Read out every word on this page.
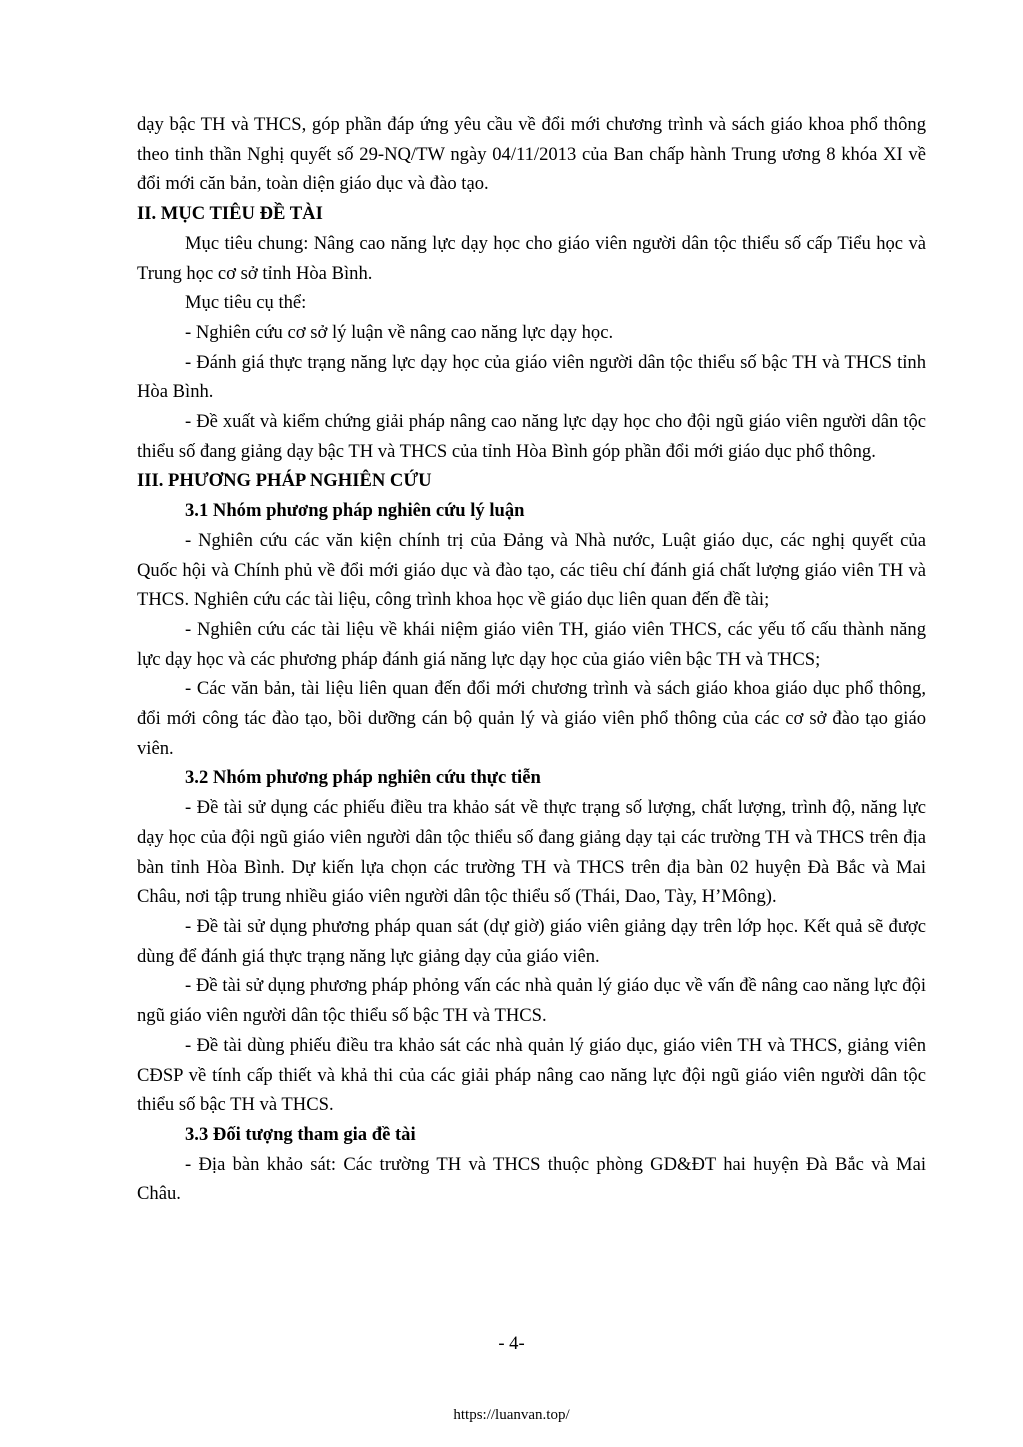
dạy bậc TH và THCS, góp phần đáp ứng yêu cầu về đổi mới chương trình và sách giáo khoa phổ thông theo tinh thần Nghị quyết số 29-NQ/TW ngày 04/11/2013 của Ban chấp hành Trung ương 8 khóa XI về đổi mới căn bản, toàn diện giáo dục và đào tạo.

II. MỤC TIÊU ĐỀ TÀI

Mục tiêu chung: Nâng cao năng lực dạy học cho giáo viên người dân tộc thiểu số cấp Tiểu học và Trung học cơ sở tỉnh Hòa Bình.

Mục tiêu cụ thể:

- Nghiên cứu cơ sở lý luận về nâng cao năng lực dạy học.

- Đánh giá thực trạng năng lực dạy học của giáo viên người dân tộc thiểu số bậc TH và THCS tỉnh Hòa Bình.

- Đề xuất và kiểm chứng giải pháp nâng cao năng lực dạy học cho đội ngũ giáo viên người dân tộc thiểu số đang giảng dạy bậc TH và THCS của tỉnh Hòa Bình góp phần đổi mới giáo dục phổ thông.

III. PHƯƠNG PHÁP NGHIÊN CỨU

3.1 Nhóm phương pháp nghiên cứu lý luận

- Nghiên cứu các văn kiện chính trị của Đảng và Nhà nước, Luật giáo dục, các nghị quyết của Quốc hội và Chính phủ về đổi mới giáo dục và đào tạo, các tiêu chí đánh giá chất lượng giáo viên TH và THCS. Nghiên cứu các tài liệu, công trình khoa học về giáo dục liên quan đến đề tài;

- Nghiên cứu các tài liệu về khái niệm giáo viên TH, giáo viên THCS, các yếu tố cấu thành năng lực dạy học và các phương pháp đánh giá năng lực dạy học của giáo viên bậc TH và THCS;

- Các văn bản, tài liệu liên quan đến đổi mới chương trình và sách giáo khoa giáo dục phổ thông, đổi mới công tác đào tạo, bồi dưỡng cán bộ quản lý và giáo viên phổ thông của các cơ sở đào tạo giáo viên.

3.2 Nhóm phương pháp nghiên cứu thực tiễn

- Đề tài sử dụng các phiếu điều tra khảo sát về thực trạng số lượng, chất lượng, trình độ, năng lực dạy học của đội ngũ giáo viên người dân tộc thiểu số đang giảng dạy tại các trường TH và THCS trên địa bàn tỉnh Hòa Bình. Dự kiến lựa chọn các trường TH và THCS trên địa bàn 02 huyện Đà Bắc và Mai Châu, nơi tập trung nhiều giáo viên người dân tộc thiểu số (Thái, Dao, Tày, H’Mông).

- Đề tài sử dụng phương pháp quan sát (dự giờ) giáo viên giảng dạy trên lớp học. Kết quả sẽ được dùng để đánh giá thực trạng năng lực giảng dạy của giáo viên.

- Đề tài sử dụng phương pháp phỏng vấn các nhà quản lý giáo dục về vấn đề nâng cao năng lực đội ngũ giáo viên người dân tộc thiểu số bậc TH và THCS.

- Đề tài dùng phiếu điều tra khảo sát các nhà quản lý giáo dục, giáo viên TH và THCS, giảng viên CĐSP về tính cấp thiết và khả thi của các giải pháp nâng cao năng lực đội ngũ giáo viên người dân tộc thiểu số bậc TH và THCS.

3.3 Đối tượng tham gia đề tài

- Địa bàn khảo sát: Các trường TH và THCS thuộc phòng GD&ĐT hai huyện Đà Bắc và Mai Châu.

- 4-
https://luanvan.top/
